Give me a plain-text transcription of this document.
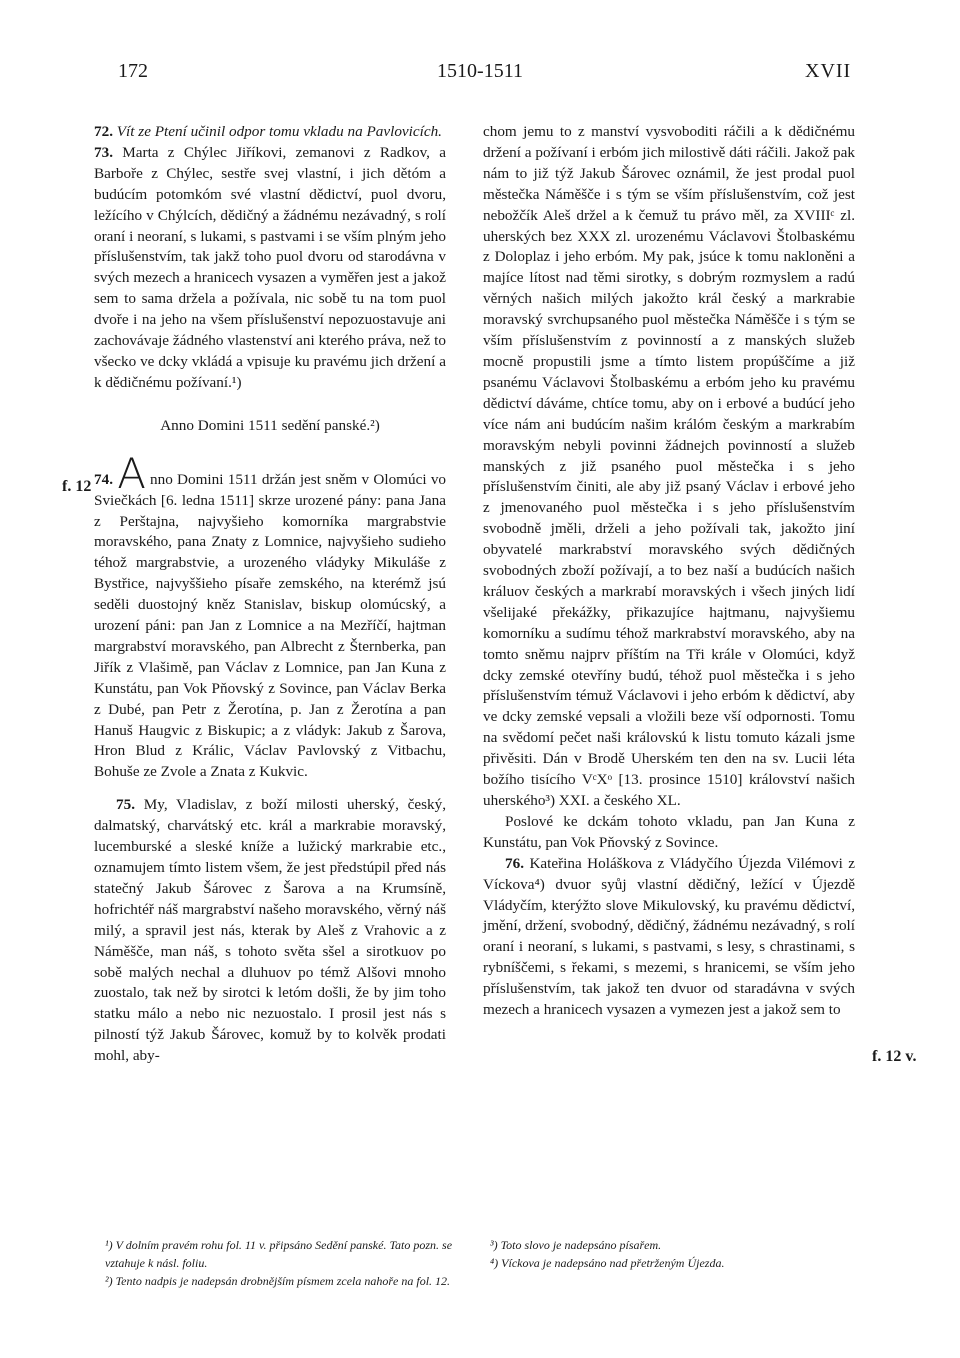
172	1510-1511	XVII
f. 12
f. 12 v.

72. Vít ze Ptení učinil odpor tomu vkladu na Pavlovicích.

73. Marta z Chýlec Jiříkovi, zemanovi z Radkov, a Barboře z Chýlec, sestře svej vlastní, i jich dětóm a budúcím potomkóm své vlastní dědictví, puol dvoru, ležícího v Chýlcích, dědičný a žádnému nezávadný, s rolí oraní i neoraní, s lukami, s pastvami i se vším plným jeho příslušenstvím, tak jakž toho puol dvoru od starodávna v svých mezech a hranicech vysazen a vyměřen jest a jakož sem to sama držela a požívala, nic sobě tu na tom puol dvoře i na jeho na všem příslušenství nepozuostavuje ani zachovávaje žádného vlastenství ani kterého práva, než to všecko ve dcky vkládá a vpisuje ku pravému jich držení a k dědičnému požívaní.¹)

Anno Domini 1511 sedění panské.²)

74. A nno Domini 1511 držán jest sněm v Olomúci vo Sviečkách [6. ledna 1511] skrze urozené pány: pana Jana z Perštajna, najvyšieho komorníka margrabstvie moravského, pana Znaty z Lomnice, najvyšieho sudieho téhož margrabstvie, a urozeného vládyky Mikuláše z Bystřice, najvyššieho písaře zemského, na kterémž jsú seděli duostojný kněz Stanislav, biskup olomúcský, a urození páni: pan Jan z Lomnice a na Mezříčí, hajtman margrabství moravského, pan Albrecht z Šternberka, pan Jiřík z Vlašimě, pan Václav z Lomnice, pan Jan Kuna z Kunstátu, pan Vok Pňovský z Sovince, pan Václav Berka z Dubé, pan Petr z Žerotína, p. Jan z Žerotína a pan Hanuš Haugvic z Biskupic; a z vládyk: Jakub z Šarova, Hron Blud z Králic, Václav Pavlovský z Vitbachu, Bohuše ze Zvole a Znata z Kukvic.

75. My, Vladislav, z boží milosti uherský, český, dalmatský, charvátský etc. král a markrabie moravský, lucemburské a sleské kníže a lužický markrabie etc., oznamujem tímto listem všem, že jest předstúpil před nás statečný Jakub Šárovec z Šarova a na Krumsíně, hofrichtéř náš margrabství našeho moravského, věrný náš milý, a spravil jest nás, kterak by Aleš z Vrahovic a z Náměšče, man náš, s tohoto světa sšel a sirotkuov po sobě malých nechal a dluhuov po témž Alšovi mnoho zuostalo, tak než by sirotci k letóm došli, že by jim toho statku málo a nebo nic nezuostalo. I prosil jest nás s pilností týž Jakub Šárovec, komuž by to kolvěk prodati mohl, aby-

chom jemu to z manství vysvoboditi ráčili a k dědičnému držení a požívaní i erbóm jich milostivě dáti ráčili. Jakož pak nám to již týž Jakub Šárovec oznámil, že jest prodal puol městečka Náměšče i s tým se vším příslušenstvím, což jest nebožčík Aleš držel a k čemuž tu právo měl, za XVIIIᶜ zl. uherských bez XXX zl. urozenému Václavovi Štolbaskému z Doloplaz i jeho erbóm. My pak, jsúce k tomu nakloněni a majíce lítost nad těmi sirotky, s dobrým rozmyslem a radú věrných našich milých jakožto král český a markrabie moravský svrchupsaného puol městečka Náměšče i s tým se vším příslušenstvím z povinností a z manských služeb mocně propustili jsme a tímto listem propúščíme a již psanému Václavovi Štolbaskému a erbóm jeho ku pravému dědictví dáváme, chtíce tomu, aby on i erbové a budúcí jeho více nám ani budúcím našim králóm českým a markrabím moravským nebyli povinni žádnejch povinností a služeb manských z již psaného puol městečka i s jeho příslušenstvím činiti, ale aby již psaný Václav i erbové jeho z jmenovaného puol městečka i s jeho příslušenstvím svobodně jměli, drželi a jeho požívali tak, jakožto jiní obyvatelé markrabství moravského svých dědičných svobodných zboží požívají, a to bez naší a budúcích našich králuov českých a markrabí moravských i všech jiných lidí všelijaké překážky, přikazujíce hajtmanu, najvyšiemu komorníku a sudímu téhož markrabství moravského, aby na tomto sněmu najprv příštím na Tři krále v Olomúci, když dcky zemské otevříny budú, téhož puol městečka i s jeho příslušenstvím témuž Václavovi i jeho erbóm k dědictví, aby ve dcky zemské vepsali a vložili beze vší odpornosti. Tomu na svědomí pečet naši královskú k listu tomuto kázali jsme přivěsiti. Dán v Brodě Uherském ten den na sv. Lucii léta božího tisícího VᶜXᵒ [13. prosince 1510] království našich uherského³) XXI. a českého XL.

Poslové ke dckám tohoto vkladu, pan Jan Kuna z Kunstátu, pan Vok Pňovský z Sovince.

76. Kateřina Holáškova z Vládyčího Újezda Vilémovi z Víckova⁴) dvuor syůj vlastní dědičný, ležící v Újezdě Vládyčím, kterýžto slove Mikulovský, ku pravému dědictví, jmění, držení, svobodný, dědičný, žádnému nezávadný, s rolí oraní i neoraní, s lukami, s pastvami, s lesy, s chrastinami, s rybníščemi, s řekami, s mezemi, s hranicemi, se vším jeho příslušenstvím, tak jakož ten dvuor od staradávna v svých mezech a hranicech vysazen a vymezen jest a jakož sem to

¹) V dolním pravém rohu fol. 11 v. připsáno Sedění panské. Tato pozn. se vztahuje k násl. foliu.

²) Tento nadpis je nadepsán drobnějším písmem zcela nahoře na fol. 12.

³) Toto slovo je nadepsáno písařem.

⁴) Víckova je nadepsáno nad přetrženým Újezda.
